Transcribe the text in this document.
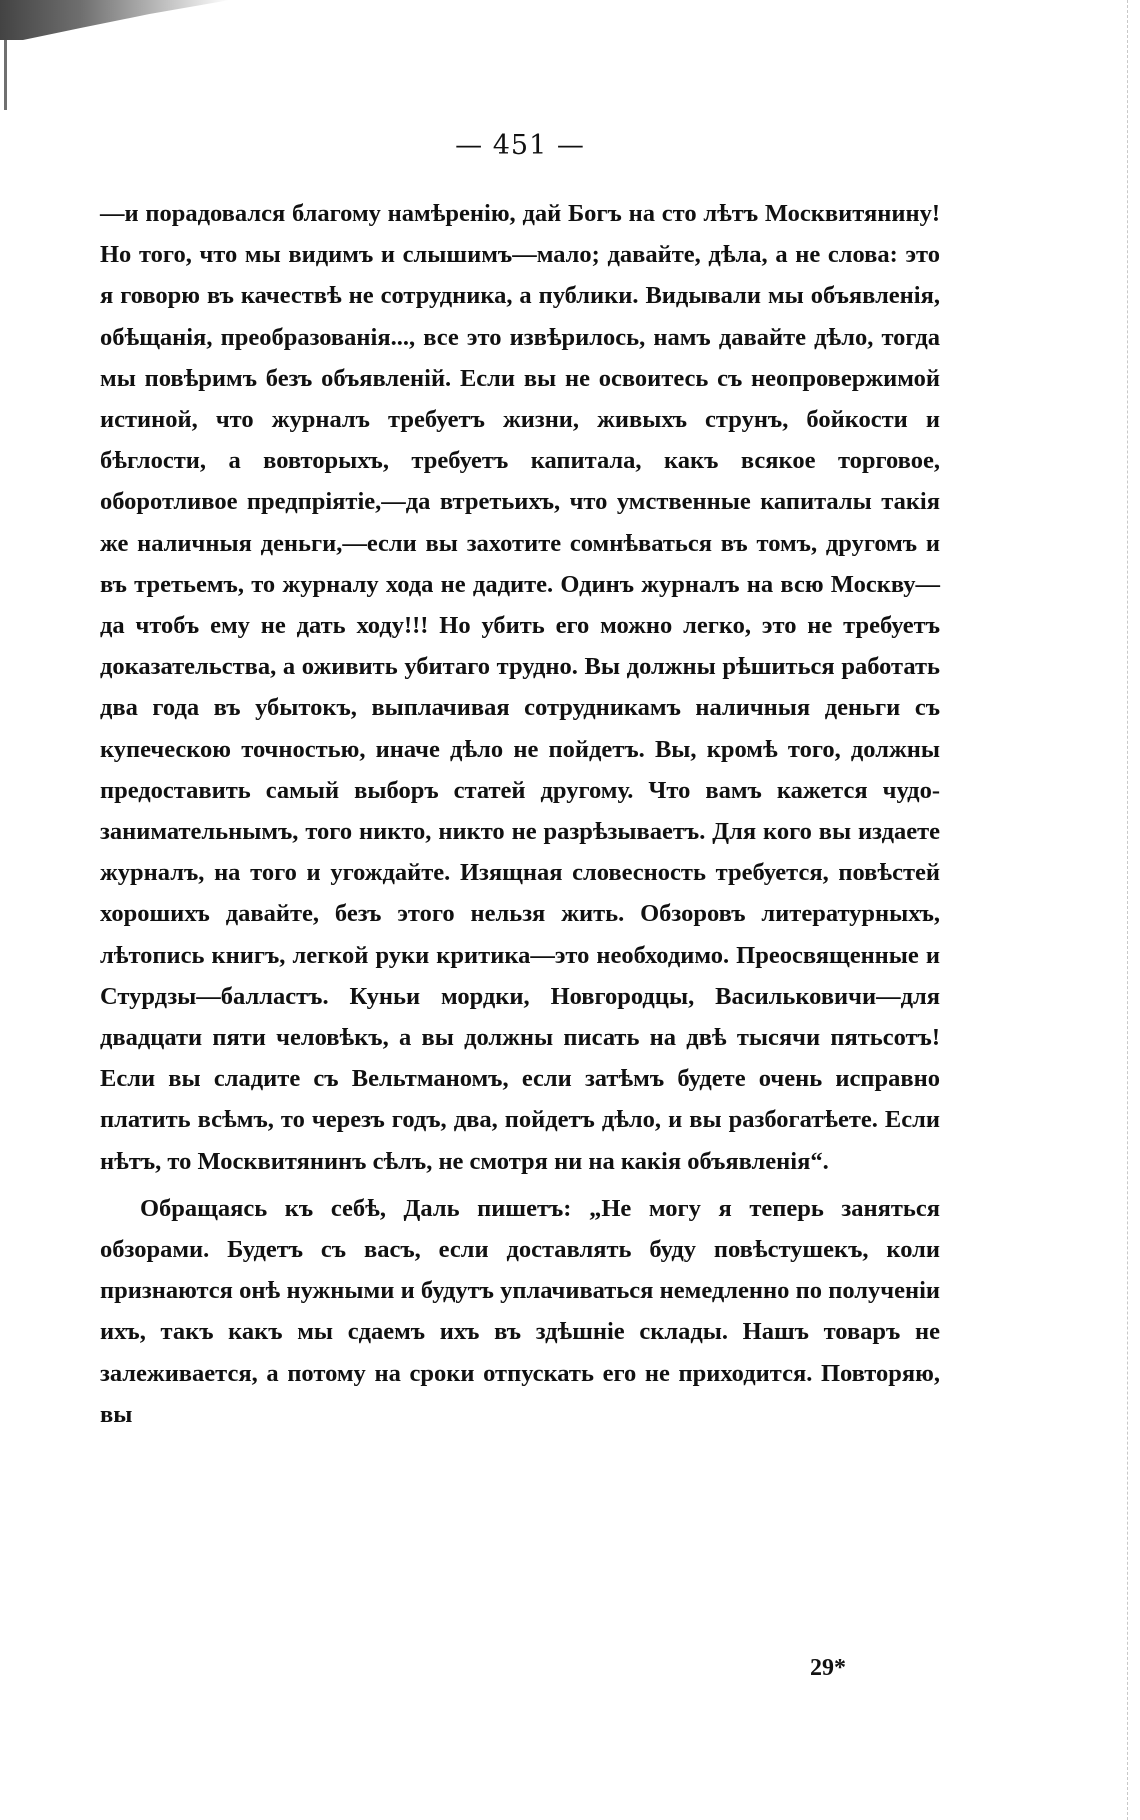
— 451 —

—и порадовался благому намѣренію, дай Богъ на сто лѣтъ Москвитянину! Но того, что мы видимъ и слышимъ—мало; давайте, дѣла, а не слова: это я говорю въ качествѣ не сотрудника, а публики. Видывали мы объявленія, обѣщанія, преобразованія..., все это извѣрилось, намъ давайте дѣло, тогда мы повѣримъ безъ объявленій. Если вы не освоитесь съ неопровержимой истиной, что журналъ требуетъ жизни, живыхъ струнъ, бойкости и бѣглости, а вовторыхъ, требуетъ капитала, какъ всякое торговое, оборотливое предпріятіе,—да втретьихъ, что умственные капиталы такія же наличныя деньги,—если вы захотите сомнѣваться въ томъ, другомъ и въ третьемъ, то журналу хода не дадите. Одинъ журналъ на всю Москву—да чтобъ ему не дать ходу!!! Но убить его можно легко, это не требуетъ доказательства, а оживить убитаго трудно. Вы должны рѣшиться работать два года въ убытокъ, выплачивая сотрудникамъ наличныя деньги съ купеческою точностью, иначе дѣло не пойдетъ. Вы, кромѣ того, должны предоставить самый выборъ статей другому. Что вамъ кажется чудо-занимательнымъ, того никто, никто не разрѣзываетъ. Для кого вы издаете журналъ, на того и угождайте. Изящная словесность требуется, повѣстей хорошихъ давайте, безъ этого нельзя жить. Обзоровъ литературныхъ, лѣтопись книгъ, легкой руки критика—это необходимо. Преосвященные и Стурдзы—балластъ. Куньи мордки, Новгородцы, Васильковичи—для двадцати пяти человѣкъ, а вы должны писать на двѣ тысячи пятьсотъ! Если вы сладите съ Вельтманомъ, если затѣмъ будете очень исправно платить всѣмъ, то черезъ годъ, два, пойдетъ дѣло, и вы разбогатѣете. Если нѣтъ, то Москвитянинъ сѣлъ, не смотря ни на какія объявленія“.

Обращаясь къ себѣ, Даль пишетъ: „Не могу я теперь заняться обзорами. Будетъ съ васъ, если доставлять буду повѣстушекъ, коли признаются онѣ нужными и будутъ уплачиваться немедленно по полученіи ихъ, такъ какъ мы сдаемъ ихъ въ здѣшніе склады. Нашъ товаръ не залеживается, а потому на сроки отпускать его не приходится. Повторяю, вы

29*
